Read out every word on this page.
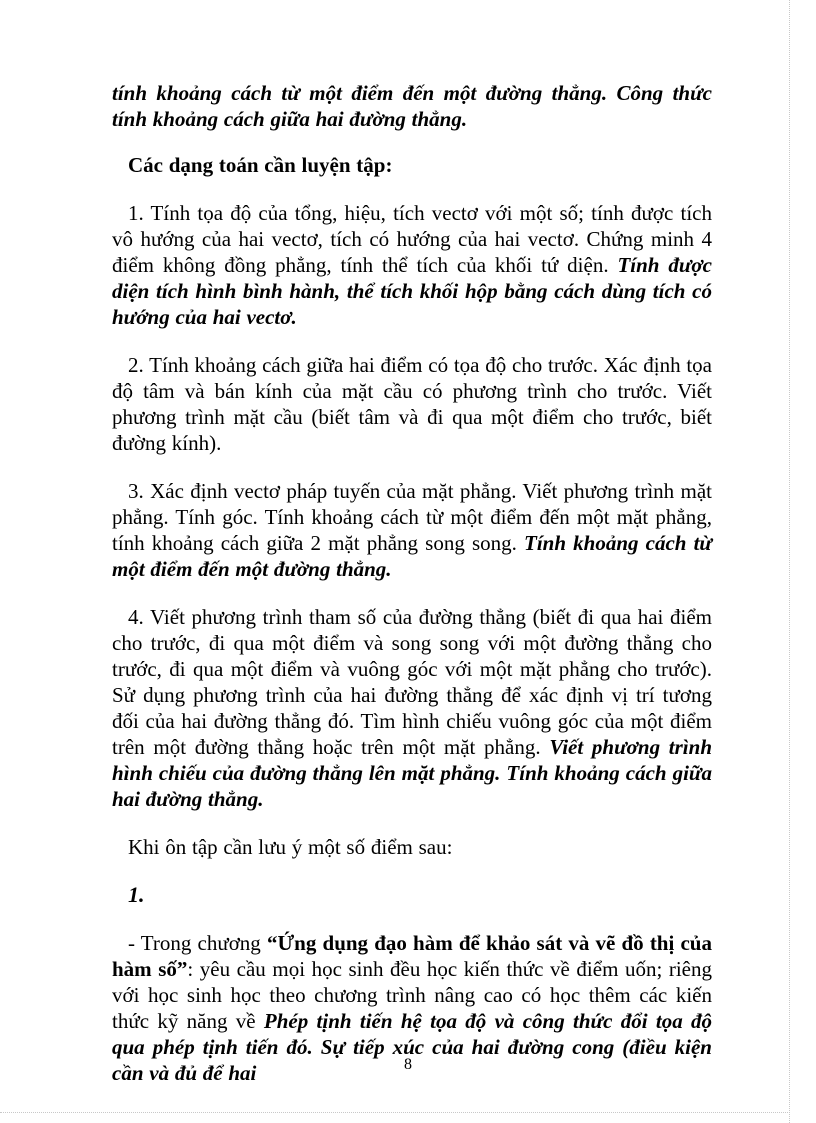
tính khoảng cách từ một điểm đến một đường thẳng. Công thức tính khoảng cách giữa hai đường thẳng.

Các dạng toán cần luyện tập:

1. Tính tọa độ của tổng, hiệu, tích vectơ với một số; tính được tích vô hướng của hai vectơ, tích có hướng của hai vectơ. Chứng minh 4 điểm không đồng phẳng, tính thể tích của khối tứ diện. Tính được diện tích hình bình hành, thể tích khối hộp bằng cách dùng tích có hướng của hai vectơ.

2. Tính khoảng cách giữa hai điểm có tọa độ cho trước. Xác định tọa độ tâm và bán kính của mặt cầu có phương trình cho trước. Viết phương trình mặt cầu (biết tâm và đi qua một điểm cho trước, biết đường kính).

3. Xác định vectơ pháp tuyến của mặt phẳng. Viết phương trình mặt phẳng. Tính góc. Tính khoảng cách từ một điểm đến một mặt phẳng, tính khoảng cách giữa 2 mặt phẳng song song. Tính khoảng cách từ một điểm đến một đường thẳng.

4. Viết phương trình tham số của đường thẳng (biết đi qua hai điểm cho trước, đi qua một điểm và song song với một đường thẳng cho trước, đi qua một điểm và vuông góc với một mặt phẳng cho trước). Sử dụng phương trình của hai đường thẳng để xác định vị trí tương đối của hai đường thẳng đó. Tìm hình chiếu vuông góc của một điểm trên một đường thẳng hoặc trên một mặt phẳng. Viết phương trình hình chiếu của đường thẳng lên mặt phẳng. Tính khoảng cách giữa hai đường thẳng.

Khi ôn tập cần lưu ý một số điểm sau:

1.

- Trong chương “Ứng dụng đạo hàm để khảo sát và vẽ đồ thị của hàm số”: yêu cầu mọi học sinh đều học kiến thức về điểm uốn; riêng với học sinh học theo chương trình nâng cao có học thêm các kiến thức kỹ năng về Phép tịnh tiến hệ tọa độ và công thức đổi tọa độ qua phép tịnh tiến đó. Sự tiếp xúc của hai đường cong (điều kiện cần và đủ để hai	8
